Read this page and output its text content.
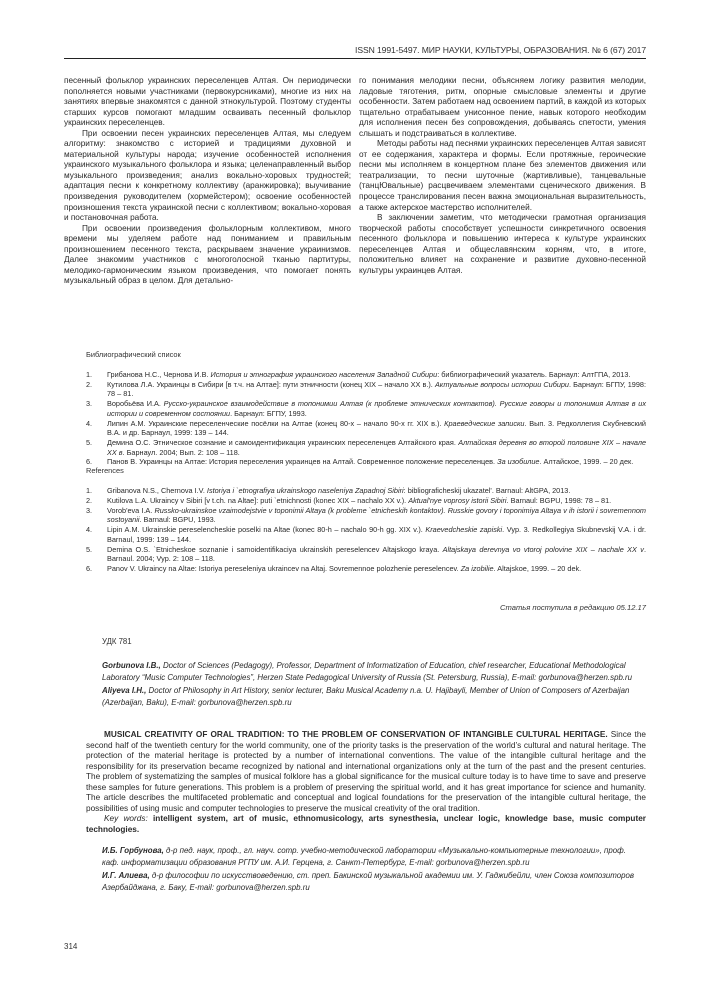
ISSN 1991-5497. МИР НАУКИ, КУЛЬТУРЫ, ОБРАЗОВАНИЯ. № 6 (67) 2017

песенный фольклор украинских переселенцев Алтая. Он периодически пополняется новыми участниками (первокурсниками), многие из них на занятиях впервые знакомятся с данной этнокультурой. Поэтому студенты старших курсов помогают младшим осваивать песенный фольклор украинских переселенцев.

При освоении песен украинских переселенцев Алтая, мы следуем алгоритму: знакомство с историей и традициями духовной и материальной культуры народа; изучение особенностей исполнения украинского музыкального фольклора и языка; целенаправленный выбор музыкального произведения; анализ вокально-хоровых трудностей; адаптация песни к конкретному коллективу (аранжировка); выучивание произведения руководителем (хормейстером); освоение особенностей произношения текста украинской песни с коллективом; вокально-хоровая и постановочная работа.

При освоении произведения фольклорным коллективом, много времени мы уделяем работе над пониманием и правильным произношением песенного текста, раскрываем значение украинизмов. Далее знакомим участников с многоголосной тканью партитуры, мелодико-гармоническим языком произведения, что помогает понять музыкальный образ в целом. Для детально-

го понимания мелодики песни, объясняем логику развития мелодии, ладовые тяготения, ритм, опорные смысловые элементы и другие особенности. Затем работаем над освоением партий, в каждой из которых тщательно отрабатываем унисонное пение, навык которого необходим для исполнения песен без сопровождения, добываясь спетости, умения слышать и подстраиваться в коллективе.

Методы работы над песнями украинских переселенцев Алтая зависят от ее содержания, характера и формы. Если протяжные, героические песни мы исполняем в концертном плане без элементов движения или театрализации, то песни шуточные (жартивливые), танцевальные (танцЮвальные) расцвечиваем элементами сценического движения. В процессе транслирования песен важна эмоциональная выразительность, а также актерское мастерство исполнителей.

В заключении заметим, что методически грамотная организация творческой работы способствует успешности синкретичного освоения песенного фольклора и повышению интереса к культуре украинских переселенцев Алтая и общеславянским корням, что, в итоге, положительно влияет на сохранение и развитие духовно-песенной культуры украинцев Алтая.

Библиографический список
1. Грибанова Н.С., Чернова И.В. История и этнография украинского населения Западной Сибири: библиографический указатель. Барнаул: АлтГПА, 2013.
2. Кутилова Л.А. Украинцы в Сибири [в т.ч. на Алтае]: пути этничности (конец XIX – начало XX в.). Актуальные вопросы истории Сибири. Барнаул: БГПУ, 1998: 78 – 81.
3. Воробьёва И.А. Русско-украинское взаимодействие в топонимии Алтая (к проблеме этнических контактов). Русские говоры и топонимия Алтая в их истории и современном состоянии. Барнаул: БГПУ, 1993.
4. Липин А.М. Украинские переселенческие посёлки на Алтае (конец 80-х – начало 90-х гг. XIX в.). Краеведческие записки. Вып. 3. Редколлегия Скубневский В.А. и др. Барнаул, 1999: 139 – 144.
5. Демина О.С. Этническое сознание и самоидентификация украинских переселенцев Алтайского края. Алтайская деревня во второй половине XIX – начале XX в. Барнаул. 2004; Вып. 2: 108 – 118.
6. Панов В. Украинцы на Алтае: История переселения украинцев на Алтай. Современное положение переселенцев. За изобилие. Алтайское, 1999. – 20 дек.
References
1. Gribanova N.S., Chernova I.V. Istoriya i `etnografiya ukrainskogo naseleniya Zapadnoj Sibiri: bibliograficheskij ukazatel'. Barnaul: AltGPA, 2013.
2. Kutilova L.A. Ukraincy v Sibiri [v t.ch. na Altae]: puti `etnichnosti (konec XIX – nachalo XX v.). Aktual'nye voprosy istorii Sibiri. Barnaul: BGPU, 1998: 78 – 81.
3. Vorob'eva I.A. Russko-ukrainskoe vzaimodejstvie v toponimii Altaya (k probleme `etnicheskih kontaktov). Russkie govory i toponimiya Altaya v ih istorii i sovremennom sostoyanii. Barnaul: BGPU, 1993.
4. Lipin A.M. Ukrainskie pereselencheskie poselki na Altae (konec 80-h – nachalo 90-h gg. XIX v.). Kraevedcheskie zapiski. Vyp. 3. Redkollegiya Skubnevskij V.A. i dr. Barnaul, 1999: 139 – 144.
5. Demina O.S. `Etnicheskoe soznanie i samoidentifikaciya ukrainskih pereselencev Altajskogo kraya. Altajskaya derevnya vo vtoroj polovine XIX – nachale XX v. Barnaul. 2004; Vyp. 2: 108 – 118.
6. Panov V. Ukraincy na Altae: Istoriya pereseleniya ukraincev na Altaj. Sovremennoe polozhenie pereselencev. Za izobilie. Altajskoe, 1999. – 20 dek.
Статья поступила в редакцию 05.12.17
УДК 781
Gorbunova I.B., Doctor of Sciences (Pedagogy), Professor, Department of Informatization of Education, chief researcher, Educational Methodological Laboratory “Music Computer Technologies”, Herzen State Pedagogical University of Russia (St. Petersburg, Russia), E-mail: gorbunova@herzen.spb.ru
Aliyeva I.H., Doctor of Philosophy in Art History, senior lecturer, Baku Musical Academy n.a. U. Hajibayli, Member of Union of Composers of Azerbaijan (Azerbaijan, Baku), E-mail: gorbunova@herzen.spb.ru

MUSICAL CREATIVITY OF ORAL TRADITION: TO THE PROBLEM OF CONSERVATION OF INTANGIBLE CULTURAL HERITAGE. Since the second half of the twentieth century for the world community, one of the priority tasks is the preservation of the world’s cultural and natural heritage. The protection of the material heritage is protected by a number of international conventions. The value of the intangible cultural heritage and the responsibility for its preservation became recognized by national and international organizations only at the turn of the past and the present centuries. The problem of systematizing the samples of musical folklore has a global significance for the musical culture today is to have time to save and preserve these samples for future generations. This problem is a problem of preserving the spiritual world, and it has great importance for science and humanity. The article describes the multifaceted problematic and conceptual and logical foundations for the preservation of the intangible cultural heritage, the possibilities of using music and computer technologies to preserve the musical creativity of the oral tradition.

Key words: intelligent system, art of music, ethnomusicology, arts synesthesia, unclear logic, knowledge base, music computer technologies.

И.Б. Горбунова, д-р пед. наук, проф., гл. науч. сотр. учебно-методической лаборатории «Музыкально-компьютерные технологии», проф. каф. информатизации образования РГПУ им. А.И. Герцена, г. Санкт-Петербург, E-mail: gorbunova@herzen.spb.ru
И.Г. Алиева, д-р философии по искусствоведению, ст. преп. Бакинской музыкальной академии им. У. Гаджибейли, член Союза композиторов Азербайджана, г. Баку, E-mail: gorbunova@herzen.spb.ru
314
